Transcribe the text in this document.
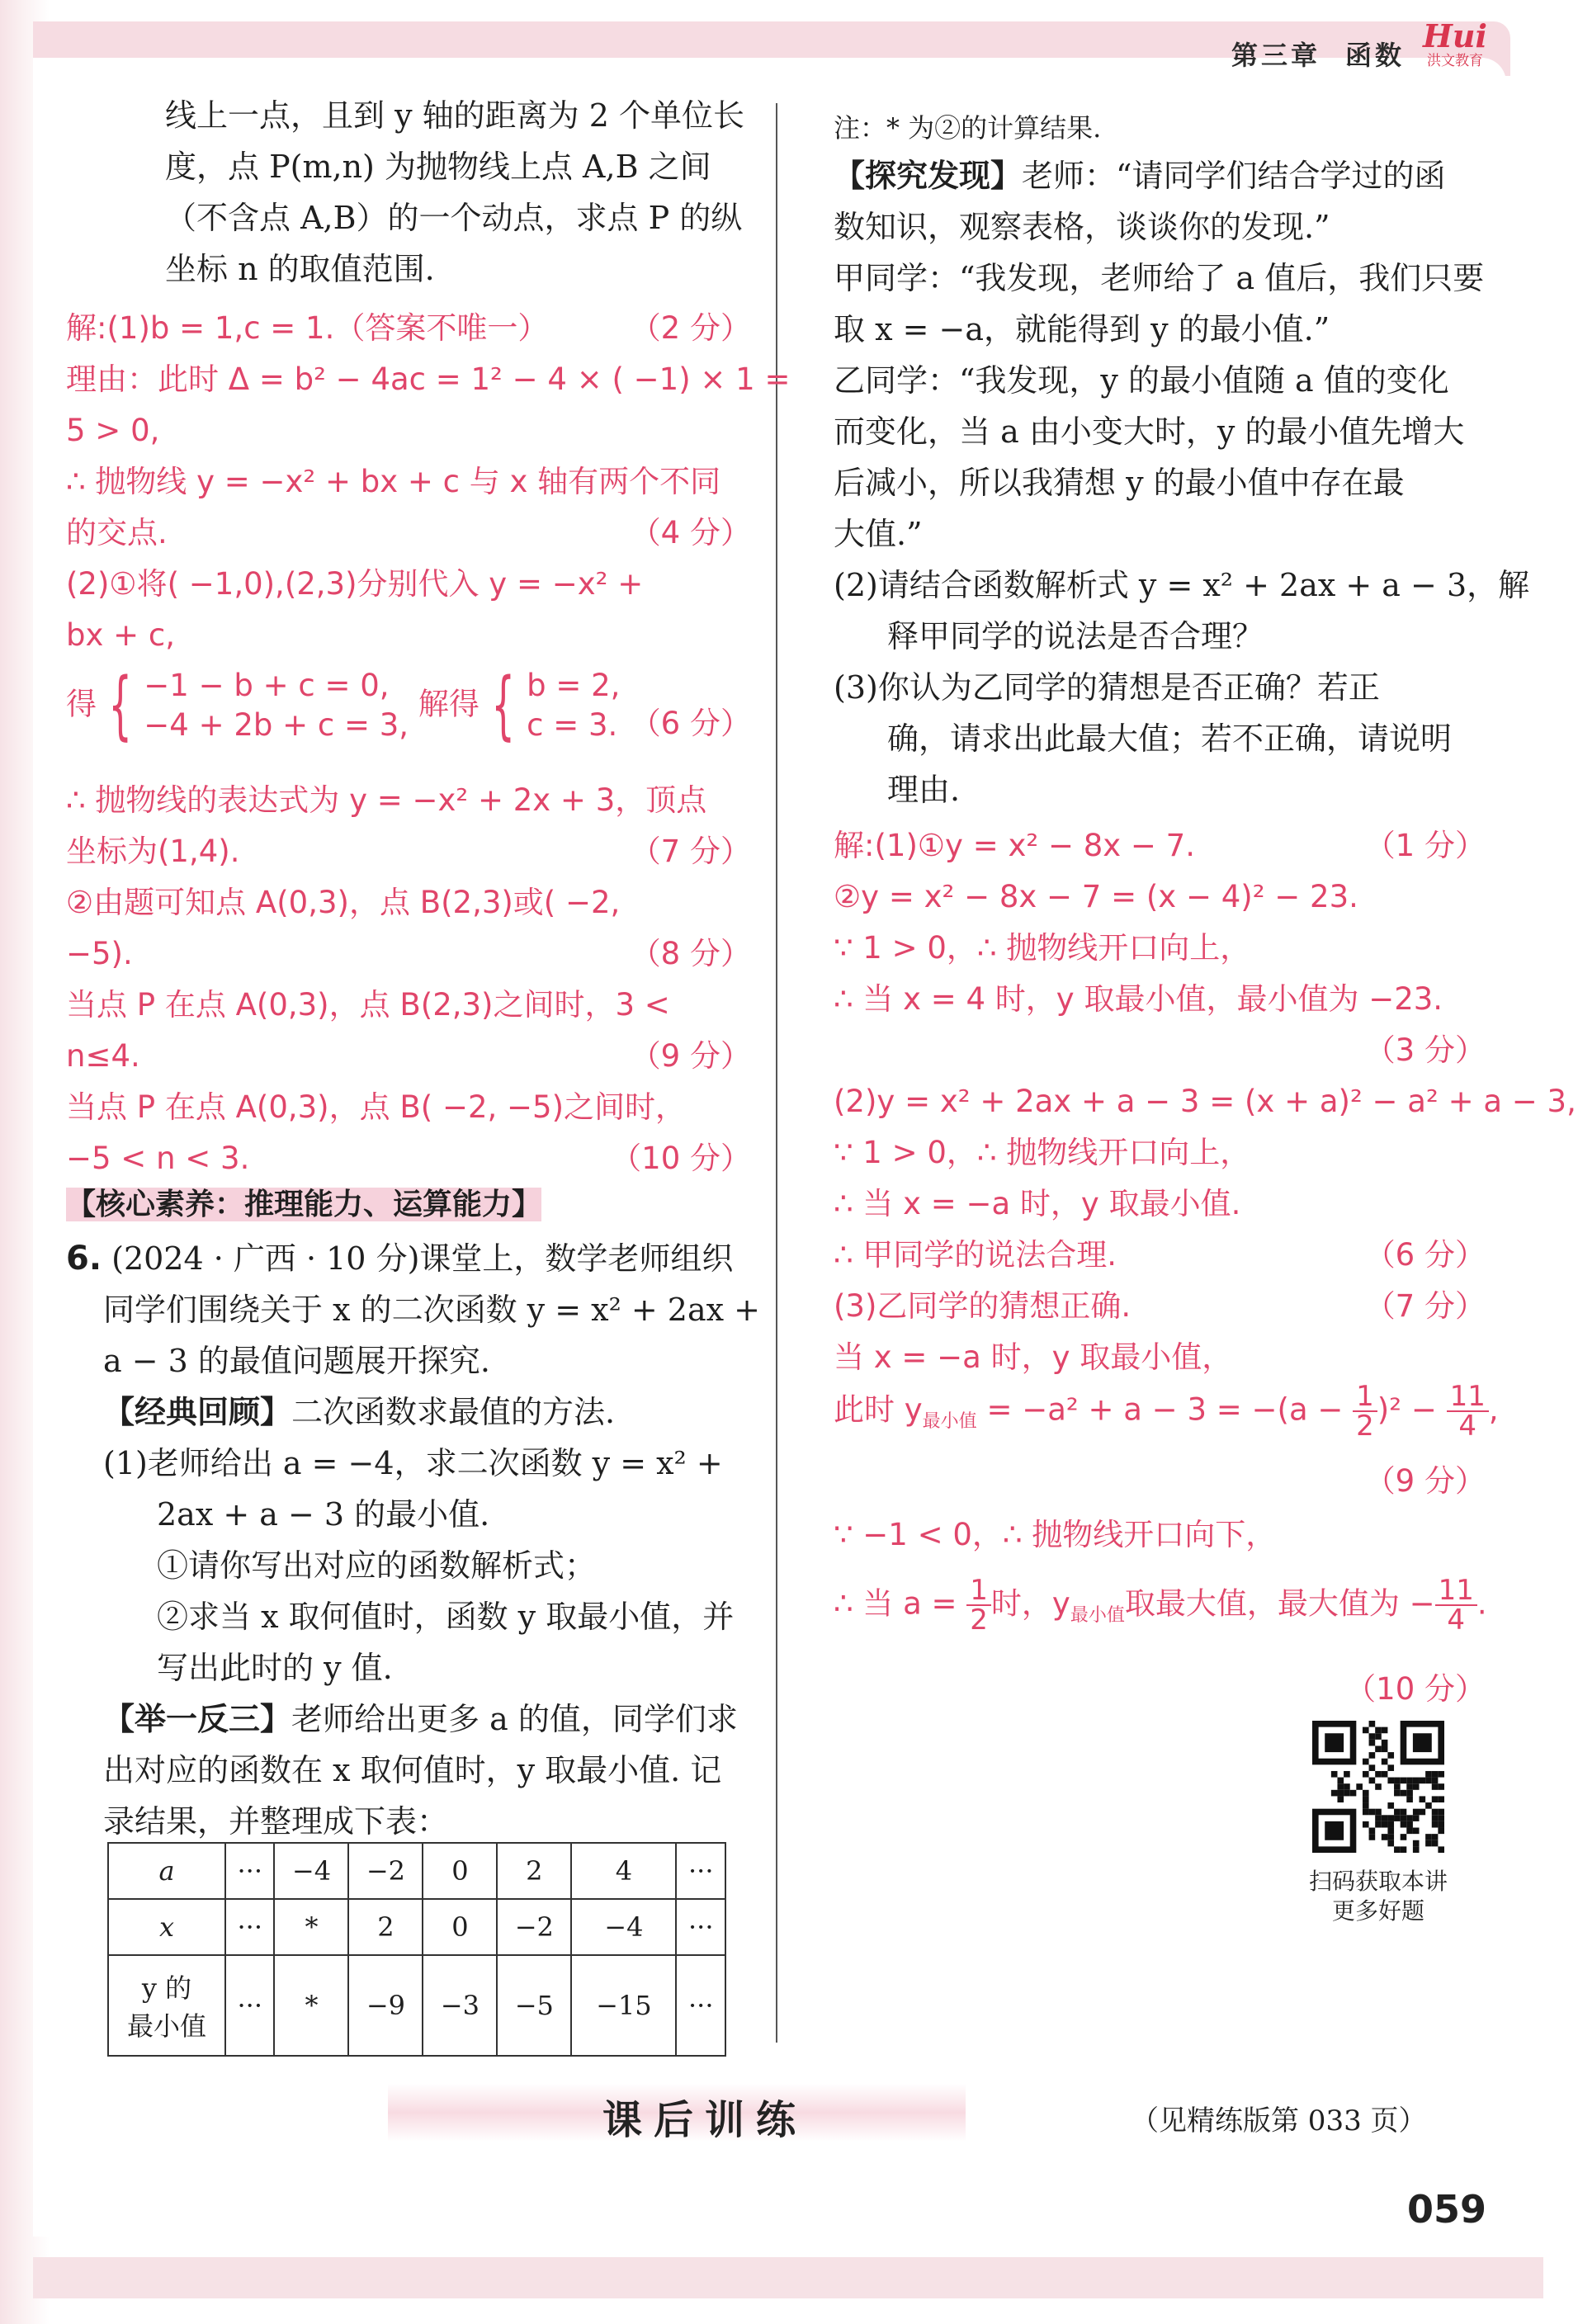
第三章 函数
Hui
洪文教育
线上一点，且到 y 轴的距离为 2 个单位长
度，点 P(m,n) 为抛物线上点 A,B 之间
（不含点 A,B）的一个动点，求点 P 的纵
坐标 n 的取值范围.
解:(1)b = 1,c = 1.（答案不唯一）	（2 分）
理由：此时 Δ = b² − 4ac = 1² − 4 × ( −1) × 1 =
5 > 0,
∴ 抛物线 y = −x² + bx + c 与 x 轴有两个不同
的交点.	（4 分）
(2)①将( −1,0),(2,3)分别代入 y = −x² +
bx + c,
得 { −1 − b + c = 0,
−4 + 2b + c = 3, 解得 { b = 2,
c = 3. （6 分）
∴ 抛物线的表达式为 y = −x² + 2x + 3，顶点
坐标为(1,4).	（7 分）
②由题可知点 A(0,3)，点 B(2,3)或( −2,
−5).	（8 分）
当点 P 在点 A(0,3)，点 B(2,3)之间时，3 <
n≤4.	（9 分）
当点 P 在点 A(0,3)，点 B( −2, −5)之间时，
−5 < n < 3.	（10 分）
【核心素养：推理能力、运算能力】
6. (2024 · 广西 · 10 分)课堂上，数学老师组织
同学们围绕关于 x 的二次函数 y = x² + 2ax +
a − 3 的最值问题展开探究.
【经典回顾】二次函数求最值的方法.
(1)老师给出 a = −4，求二次函数 y = x² +
2ax + a − 3 的最小值.
①请你写出对应的函数解析式；
②求当 x 取何值时，函数 y 取最小值，并
写出此时的 y 值.
【举一反三】老师给出更多 a 的值，同学们求
出对应的函数在 x 取何值时，y 取最小值. 记
录结果，并整理成下表：
a	···	−4	−2	0	2	4	···
x	···	*	2	0	−2	−4	···
y 的
最小值	···	*	−9	−3	−5	−15	···
注：* 为②的计算结果.
【探究发现】老师：“请同学们结合学过的函
数知识，观察表格，谈谈你的发现.”
甲同学：“我发现，老师给了 a 值后，我们只要
取 x = −a，就能得到 y 的最小值.”
乙同学：“我发现，y 的最小值随 a 值的变化
而变化，当 a 由小变大时，y 的最小值先增大
后减小，所以我猜想 y 的最小值中存在最
大值.”
(2)请结合函数解析式 y = x² + 2ax + a − 3，解
释甲同学的说法是否合理？
(3)你认为乙同学的猜想是否正确？若正
确，请求出此最大值；若不正确，请说明
理由.
解:(1)①y = x² − 8x − 7.	（1 分）
②y = x² − 8x − 7 = (x − 4)² − 23.
∵ 1 > 0，∴ 抛物线开口向上，
∴ 当 x = 4 时，y 取最小值，最小值为 −23.
（3 分）
(2)y = x² + 2ax + a − 3 = (x + a)² − a² + a − 3,
∵ 1 > 0，∴ 抛物线开口向上，
∴ 当 x = −a 时，y 取最小值.
∴ 甲同学的说法合理.	（6 分）
(3)乙同学的猜想正确.	（7 分）
当 x = −a 时，y 取最小值，
此时 $y_{最小值} = -a^2 + a - 3 = -(a - \frac{1}{2} )^2 - \frac{11}{4}$ ,
（9 分）
∵ −1 < 0，∴ 抛物线开口向下，
∴ 当 $a = \frac{1}{2}$ 时，$y_{最小值}$取最大值，最大值为 − $\frac{11}{4}$ .
（10 分）
扫码获取本讲
更多好题
课后训练	（见精练版第 033 页）
059
